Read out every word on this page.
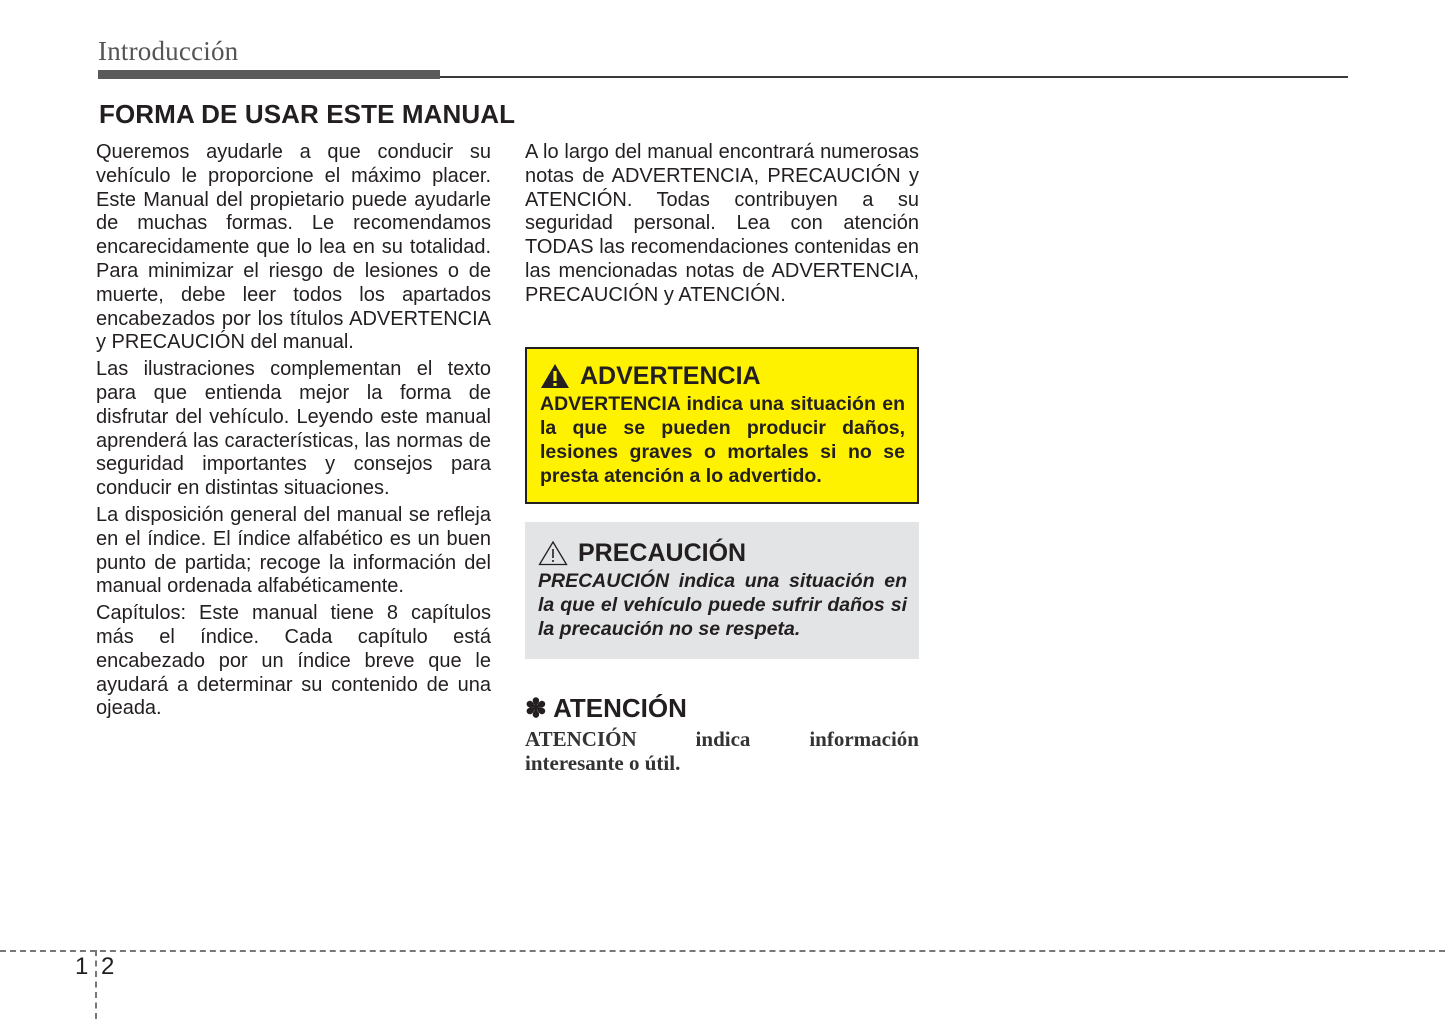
Introducción
FORMA DE USAR ESTE MANUAL

Queremos ayudarle a que conducir su vehículo le proporcione el máximo placer. Este Manual del propietario puede ayudarle de muchas formas. Le recomendamos encarecidamente que lo lea en su totalidad. Para minimizar el riesgo de lesiones o de muerte, debe leer todos los apartados encabezados por los títulos ADVERTENCIA y PRECAUCIÓN del manual.

Las ilustraciones complementan el texto para que entienda mejor la forma de disfrutar del vehículo. Leyendo este manual aprenderá las características, las normas de seguridad importantes y consejos para conducir en distintas situaciones.

La disposición general del manual se refleja en el índice. El índice alfabético es un buen punto de partida; recoge la información del manual ordenada alfabéticamente.

Capítulos: Este manual tiene 8 capítulos más el índice. Cada capítulo está encabezado por un índice breve que le ayudará a determinar su contenido de una ojeada.

A lo largo del manual encontrará numerosas notas de ADVERTENCIA, PRECAUCIÓN y ATENCIÓN. Todas contribuyen a su seguridad personal. Lea con atención TODAS las recomendaciones contenidas en las mencionadas notas de ADVERTENCIA, PRECAUCIÓN y ATENCIÓN.

ADVERTENCIA
ADVERTENCIA indica una situación en la que se pueden producir daños, lesiones graves o mortales si no se presta atención a lo advertido.
PRECAUCIÓN
PRECAUCIÓN indica una situación en la que el vehículo puede sufrir daños si la precaución no se respeta.
✽ ATENCIÓN
ATENCIÓN indica información
interesante o útil.
1 2
